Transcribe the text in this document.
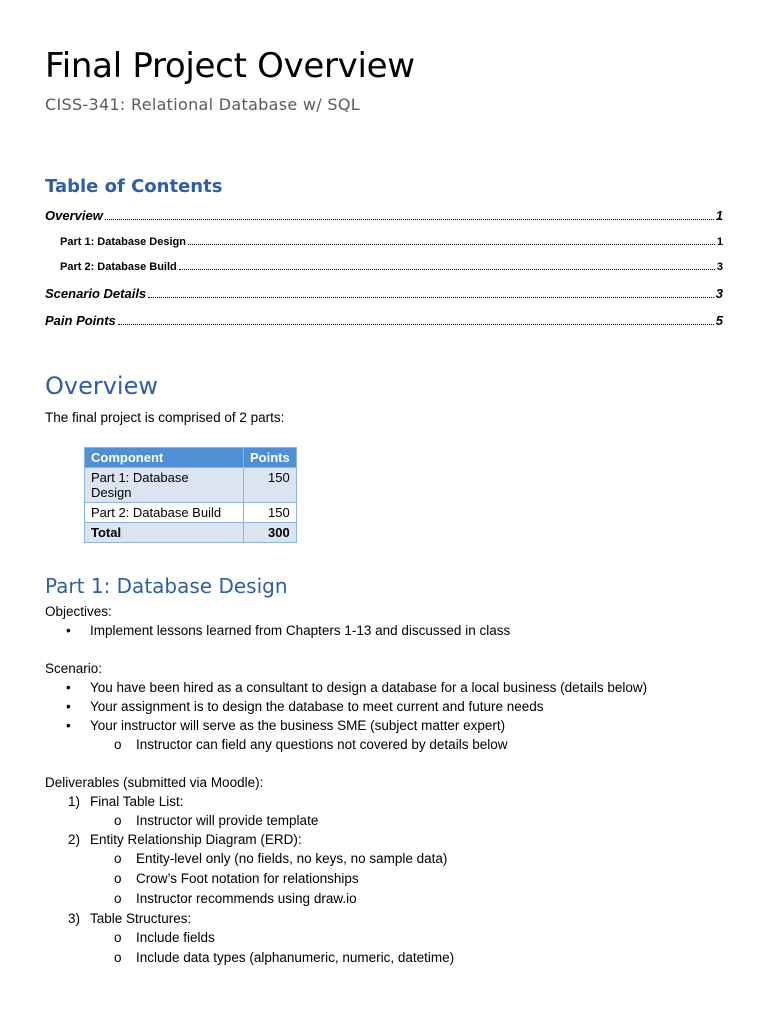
Final Project Overview
CISS-341: Relational Database w/ SQL
Table of Contents
Overview	1
Part 1: Database Design	1
Part 2: Database Build	3
Scenario Details	3
Pain Points	5
Overview
The final project is comprised of 2 parts:
Component	Points

Part 1: Database Design	150
Part 2: Database Build	150
Total	300
Part 1: Database Design
Objectives:
• Implement lessons learned from Chapters 1-13 and discussed in class
Scenario:
• You have been hired as a consultant to design a database for a local business (details below)
• Your assignment is to design the database to meet current and future needs
• Your instructor will serve as the business SME (subject matter expert)
o Instructor can field any questions not covered by details below
Deliverables (submitted via Moodle):
1) Final Table List:
o Instructor will provide template
2) Entity Relationship Diagram (ERD):
o Entity-level only (no fields, no keys, no sample data)
o Crow’s Foot notation for relationships
o Instructor recommends using draw.io
3) Table Structures:
o Include fields
o Include data types (alphanumeric, numeric, datetime)
